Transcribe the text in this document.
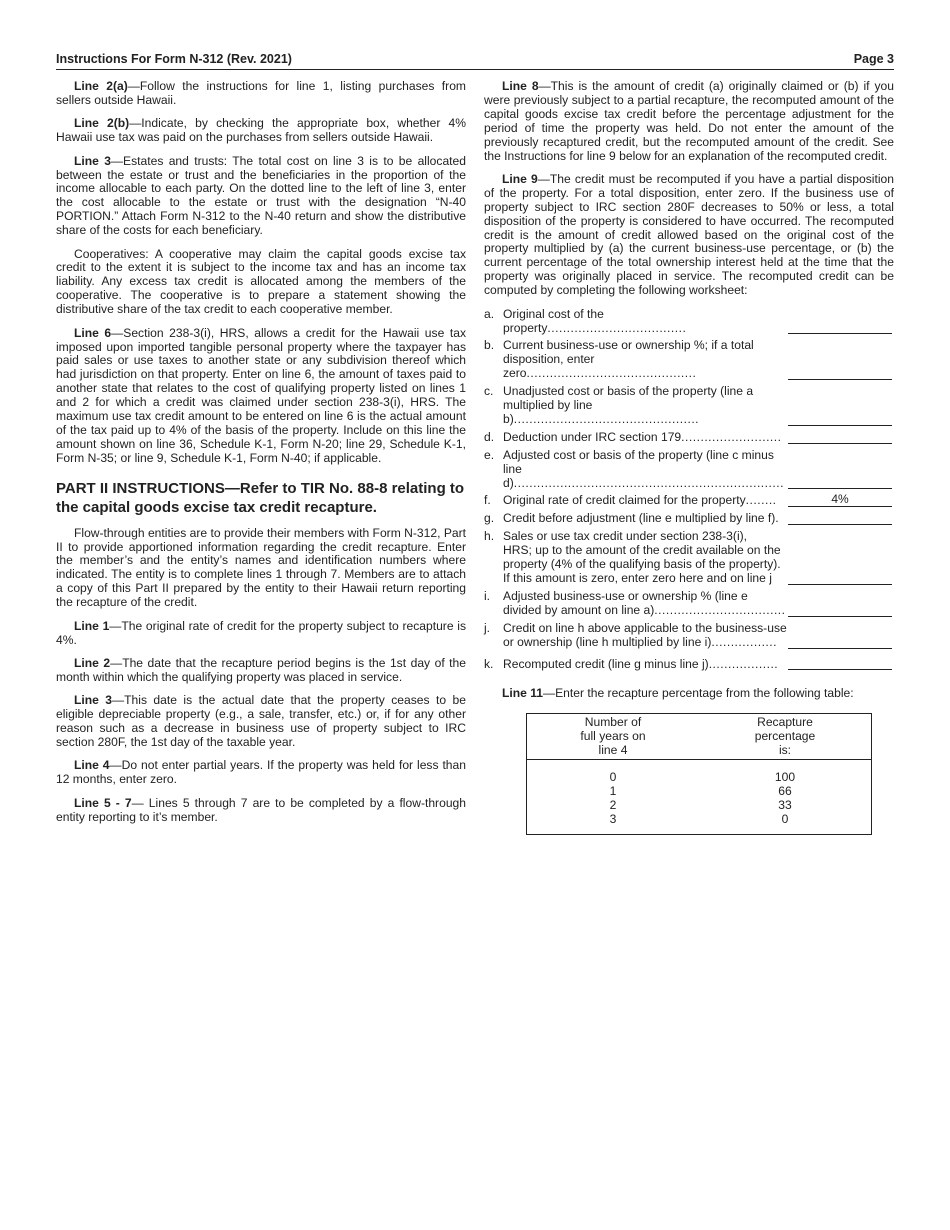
Instructions For Form N-312 (Rev. 2021)	Page 3

Line 2(a)—Follow the instructions for line 1, listing purchases from sellers outside Hawaii.

Line 2(b)—Indicate, by checking the appropriate box, whether 4% Hawaii use tax was paid on the purchases from sellers outside Hawaii.

Line 3—Estates and trusts: The total cost on line 3 is to be allocated between the estate or trust and the beneficiaries in the proportion of the income allocable to each party. On the dotted line to the left of line 3, enter the cost allocable to the estate or trust with the designation “N-40 PORTION.” Attach Form N-312 to the N-40 return and show the distributive share of the costs for each beneficiary.

Cooperatives: A cooperative may claim the capital goods excise tax credit to the extent it is subject to the income tax and has an income tax liability. Any excess tax credit is allocated among the members of the cooperative. The cooperative is to prepare a statement showing the distributive share of the tax credit to each cooperative member.

Line 6—Section 238-3(i), HRS, allows a credit for the Hawaii use tax imposed upon imported tangible personal property where the taxpayer has paid sales or use taxes to another state or any subdivision thereof which had jurisdiction on that property. Enter on line 6, the amount of taxes paid to another state that relates to the cost of qualifying property listed on lines 1 and 2 for which a credit was claimed under section 238-3(i), HRS. The maximum use tax credit amount to be entered on line 6 is the actual amount of the tax paid up to 4% of the basis of the property. Include on this line the amount shown on line 36, Schedule K-1, Form N-20; line 29, Schedule K-1, Form N-35; or line 9, Schedule K-1, Form N-40; if applicable.

PART II INSTRUCTIONS—Refer to TIR No. 88-8 relating to the capital goods excise tax credit recapture.

Flow-through entities are to provide their members with Form N-312, Part II to provide apportioned information regarding the credit recapture. Enter the member’s and the entity’s names and identification numbers where indicated. The entity is to complete lines 1 through 7. Members are to attach a copy of this Part II prepared by the entity to their Hawaii return reporting the recapture of the credit.

Line 1—The original rate of credit for the property subject to recapture is 4%.

Line 2—The date that the recapture period begins is the 1st day of the month within which the qualifying property was placed in service.

Line 3—This date is the actual date that the property ceases to be eligible depreciable property (e.g., a sale, transfer, etc.) or, if for any other reason such as a decrease in business use of property subject to IRC section 280F, the 1st day of the taxable year.

Line 4—Do not enter partial years. If the property was held for less than 12 months, enter zero.

Line 5 - 7— Lines 5 through 7 are to be completed by a flow-through entity reporting to it’s member.

Line 8—This is the amount of credit (a) originally claimed or (b) if you were previously subject to a partial recapture, the recomputed amount of the capital goods excise tax credit before the percentage adjustment for the period of time the property was held. Do not enter the amount of the previously recaptured credit, but the recomputed amount of the credit. See the Instructions for line 9 below for an explanation of the recomputed credit.

Line 9—The credit must be recomputed if you have a partial disposition of the property. For a total disposition, enter zero. If the business use of property subject to IRC section 280F decreases to 50% or less, a total disposition of the property is considered to have occurred. The recomputed credit is the amount of credit allowed based on the original cost of the property multiplied by (a) the current business-use percentage, or (b) the current percentage of the total ownership interest held at the time that the property was originally placed in service. The recomputed credit can be computed by completing the following worksheet:

a. Original cost of the property....................................
b. Current business-use or ownership %; if a total
disposition, enter zero............................................
c. Unadjusted cost or basis of the property (line a
multiplied by line b)................................................
d. Deduction under IRC section 179..........................
e. Adjusted cost or basis of the property (line c minus
line d)......................................................................
f. Original rate of credit claimed for the property........	4%
g. Credit before adjustment (line e multiplied by line f).
h. Sales or use tax credit under section 238-3(i),
HRS; up to the amount of the credit available on the
property (4% of the qualifying basis of the property).
If this amount is zero, enter zero here and on line j
i. Adjusted business-use or ownership % (line e
divided by amount on line a)..................................
j. Credit on line h above applicable to the business-use
or ownership (line h multiplied by line i).................
k. Recomputed credit (line g minus line j)..................

Line 11—Enter the recapture percentage from the following table:

Number of
full years on
line 4	Recapture
percentage
is:
0	100
1	66
2	33
3	0
